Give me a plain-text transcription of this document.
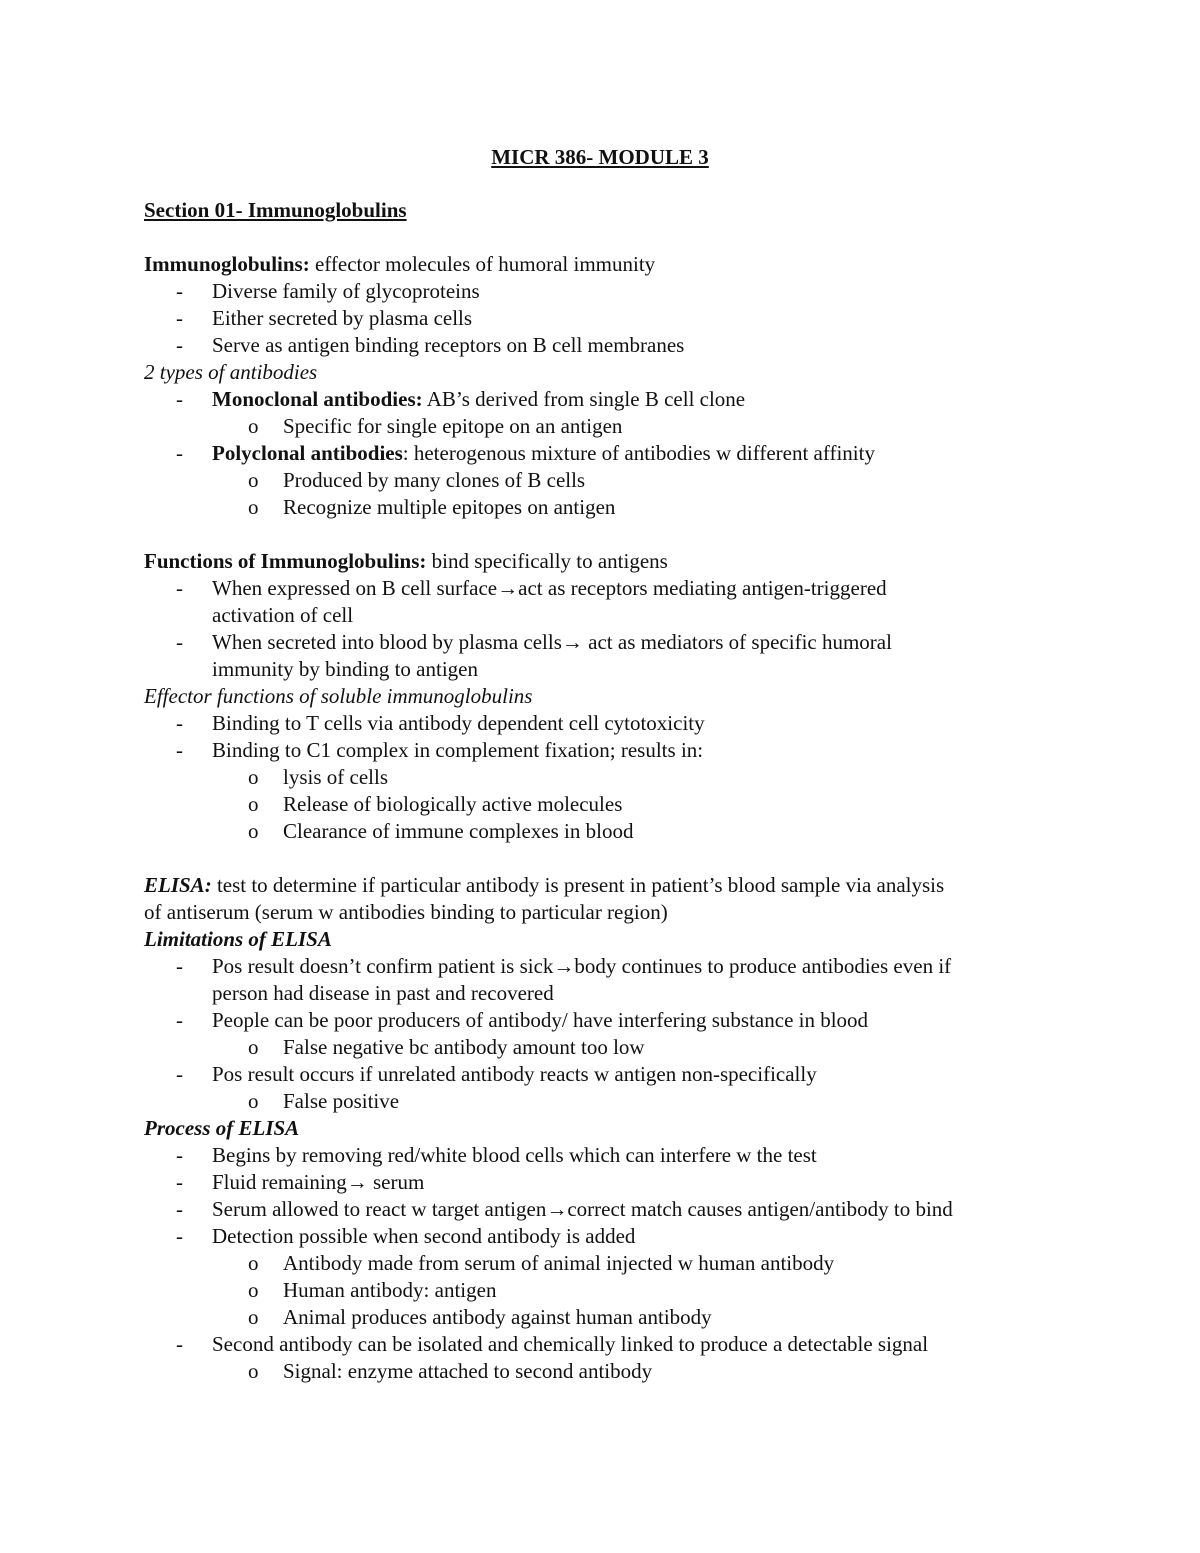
MICR 386- MODULE 3
Section 01- Immunoglobulins
Immunoglobulins: effector molecules of humoral immunity
-	Diverse family of glycoproteins
-	Either secreted by plasma cells
-	Serve as antigen binding receptors on B cell membranes
2 types of antibodies
-	Monoclonal antibodies: AB’s derived from single B cell clone
o	Specific for single epitope on an antigen
-	Polyclonal antibodies: heterogenous mixture of antibodies w different affinity
o	Produced by many clones of B cells
o	Recognize multiple epitopes on antigen
Functions of Immunoglobulins: bind specifically to antigens
-	When expressed on B cell surface→act as receptors mediating antigen-triggered
activation of cell
-	When secreted into blood by plasma cells→ act as mediators of specific humoral
immunity by binding to antigen
Effector functions of soluble immunoglobulins
-	Binding to T cells via antibody dependent cell cytotoxicity
-	Binding to C1 complex in complement fixation; results in:
o	lysis of cells
o	Release of biologically active molecules
o	Clearance of immune complexes in blood
ELISA: test to determine if particular antibody is present in patient’s blood sample via analysis
of antiserum (serum w antibodies binding to particular region)
Limitations of ELISA
-	Pos result doesn’t confirm patient is sick→body continues to produce antibodies even if
person had disease in past and recovered
-	People can be poor producers of antibody/ have interfering substance in blood
o	False negative bc antibody amount too low
-	Pos result occurs if unrelated antibody reacts w antigen non-specifically
o	False positive
Process of ELISA
-	Begins by removing red/white blood cells which can interfere w the test
-	Fluid remaining→ serum
-	Serum allowed to react w target antigen→correct match causes antigen/antibody to bind
-	Detection possible when second antibody is added
o	Antibody made from serum of animal injected w human antibody
o	Human antibody: antigen
o	Animal produces antibody against human antibody
-	Second antibody can be isolated and chemically linked to produce a detectable signal
o	Signal: enzyme attached to second antibody
